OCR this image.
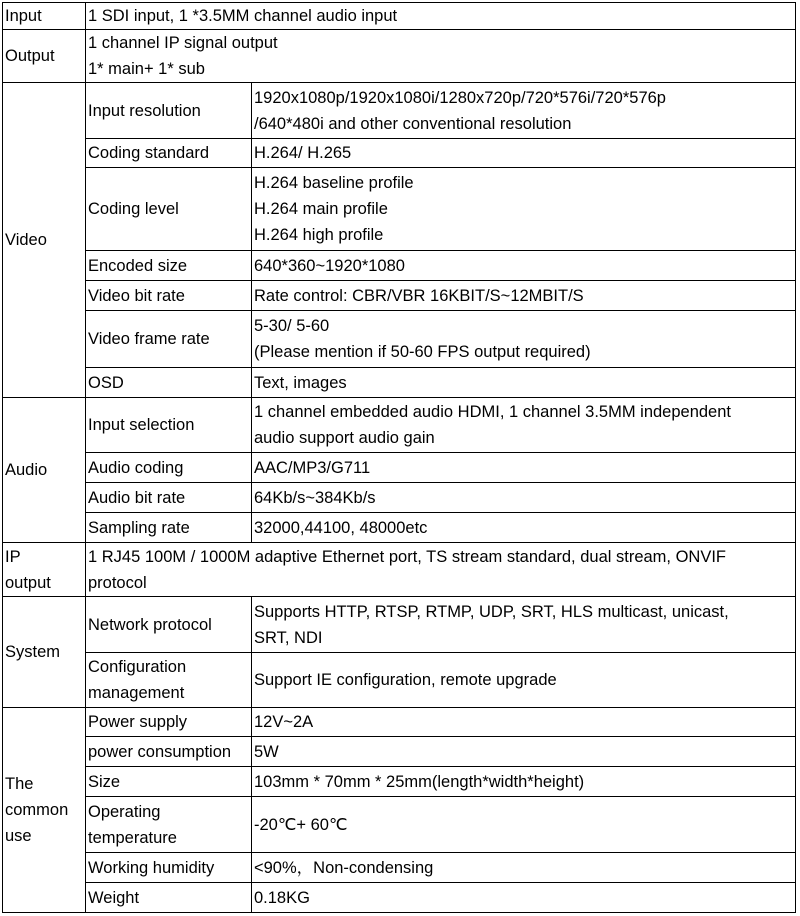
Input	1 SDI input, 1 *3.5MM channel audio input	

Output	1 channel IP signal output
1* main+ 1* sub	

Video	Input resolution	1920x1080p/1920x1080i/1280x720p/720*576i/720*576p
/640*480i and other conventional resolution

	Coding standard	H.264/ H.265
	Coding level	H.264 baseline profile
H.264 main profile
H.264 high profile

	Encoded size	640*360~1920*1080
	Video bit rate	Rate control: CBR/VBR 16KBIT/S~12MBIT/S
	Video frame rate	5-30/ 5-60
(Please mention if 50-60 FPS output required)

	OSD	Text, images
Audio	Input selection	1 channel embedded audio HDMI, 1 channel 3.5MM independent
audio support audio gain

	Audio coding	AAC/MP3/G711
	Audio bit rate	64Kb/s~384Kb/s
	Sampling rate	32000,44100, 48000etc

IP
output	1 RJ45 100M / 1000M adaptive Ethernet port, TS stream standard, dual stream, ONVIF
protocol	

System	Network protocol	Supports HTTP, RTSP, RTMP, UDP, SRT, HLS multicast, unicast,
SRT, NDI

	Configuration
management	Support IE configuration, remote upgrade

The
common
use	Power supply	12V~2A
	power consumption	5W
	Size	103mm * 70mm * 25mm(length*width*height)

	Operating
temperature	-20℃+ 60℃
	Working humidity	<90%，Non-condensing
	Weight	0.18KG
